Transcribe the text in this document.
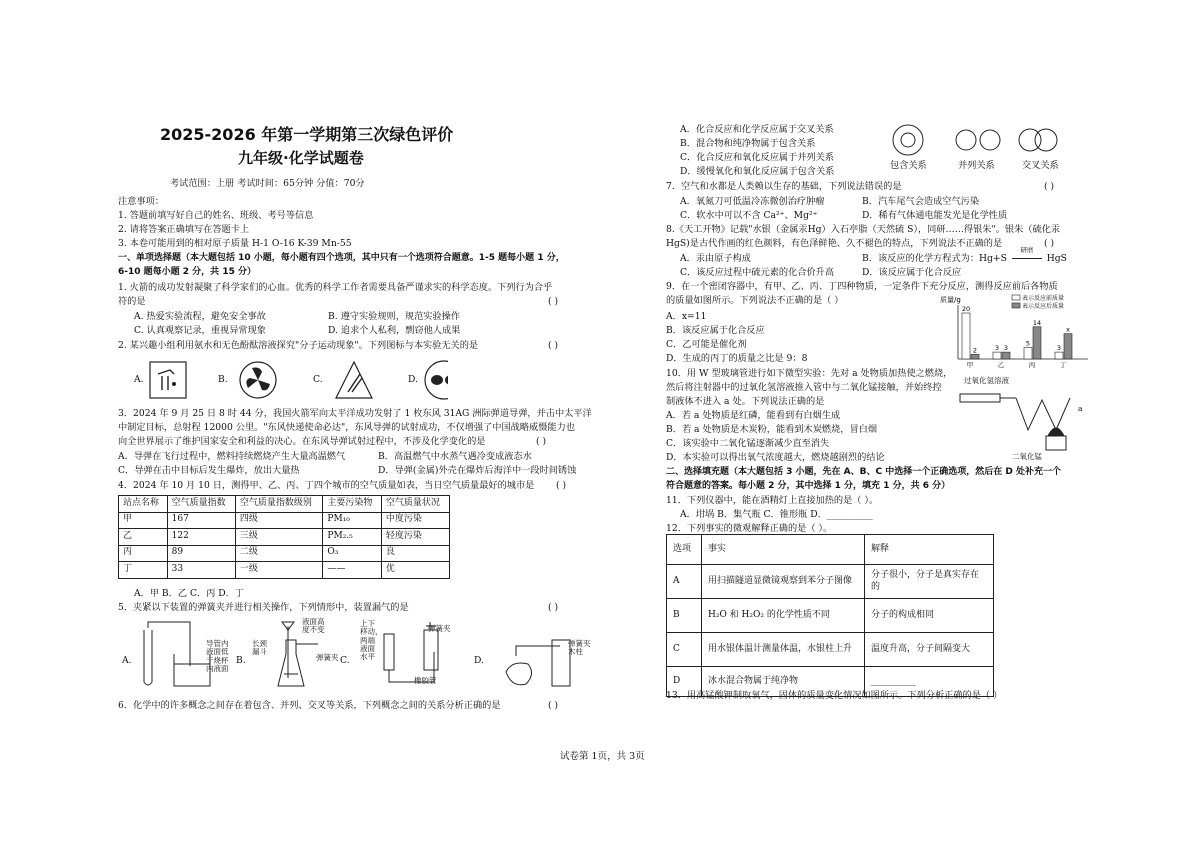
2025-2026 年第一学期第三次绿色评价
九年级·化学试题卷
考试范围：上册 考试时间：65分钟 分值：70分
注意事项：
1. 答题前填写好自己的姓名、班级、考号等信息
2. 请将答案正确填写在答题卡上
3. 本卷可能用到的相对原子质量 H-1 O-16 K-39 Mn-55
一、单项选择题（本大题包括 10 小题，每小题有四个选项，其中只有一个选项符合题意。1-5 题每小题 1 分，
6-10 题每小题 2 分，共 15 分）
1. 火箭的成功发射凝聚了科学家们的心血。优秀的科学工作者需要具备严谨求实的科学态度。下列行为合乎
符的是	( )
A. 热爱实验流程，避免安全事故	B. 遵守实验规则，规范实验操作
C. 认真观察记录，重视异常现象	D. 追求个人私利，剽窃他人成果
2. 某兴趣小组利用氨水和无色酚酞溶液探究"分子运动现象"。下列图标与本实验无关的是	( )
A.	B.	C.	D.
3．2024 年 9 月 25 日 8 时 44 分，我国火箭军向太平洋成功发射了 1 枚东风 31AG 洲际弹道导弹，并击中太平洋
中制定目标，总射程 12000 公里。"东风快递使命必达"，东风导弹的试射成功，不仅增强了中国战略威慑能力也
向全世界展示了维护国家安全和利益的决心。在东风导弹试射过程中，不涉及化学变化的是	( )
A．导弹在飞行过程中，燃料持续燃烧产生大量高温燃气	B．高温燃气中水蒸气遇冷变成液态水
C．导弹在击中目标后发生爆炸，放出大量热	D．导弹(金属)外壳在爆炸后海洋中一段时间锈蚀
4．2024 年 10 月 10 日，测得甲、乙、丙、丁四个城市的空气质量如表，当日空气质量最好的城市是 ( )
站点名称	空气质量指数	空气质量指数级别	主要污染物	空气质量状况
甲	167	四级	PM₁₀	中度污染
乙	122	三级	PM₂.₅	轻度污染
丙	89	二级	O₃	良
丁	33	一级	——	优
A．甲 B．乙 C．丙 D．丁
5．夹紧以下装置的弹簧夹并进行相关操作，下列情形中，装置漏气的是	( )
A.	B.	C.	D.
导管内
液面低
于烧杯
内液面
液面高
度不变
长颈
漏斗
弹簧夹
上下
移动，
两端
液面
水平
弹簧夹
橡胶管
弹簧夹
木柱
6．化学中的许多概念之间存在着包含、并列、交叉等关系，下列概念之间的关系分析正确的是	( )
A．化合反应和化学反应属于交叉关系
B．混合物和纯净物属于包含关系
C．化合反应和氧化反应属于并列关系
D．缓慢氧化和氧化反应属于包含关系
包含关系	并列关系	交叉关系
7．空气和水都是人类赖以生存的基础，下列说法错误的是	( )
A．氧氮刀可低温冷冻微创治疗肿瘤	B．汽车尾气会造成空气污染
C．软水中可以不含 Ca²⁺、Mg²⁺	D．稀有气体通电能发光是化学性质
8.《天工开物》记载"水银（金属汞Hg）入石亭脂（天然硫 S），同研……得银朱"。银朱（硫化汞
HgS)是古代作画的红色颜料，有色泽鲜艳、久不褪色的特点，下列说法不正确的是	( )
A．汞由原子构成	B．该反应的化学方程式为：Hg+S
研磨
HgS
C．该反应过程中硫元素的化合价升高	D．该反应属于化合反应
9．在一个密闭容器中，有甲、乙、丙、丁四种物质，一定条件下充分反应，测得反应前后各物质
的质量如图所示。下列说法不正确的是（ ）
A．x=11
B．该反应属于化合反应
C．乙可能是催化剂
D．生成的丙丁的质量之比是 9：8
质量/g	表示反应前质量
表示反应后质量
20
2
甲
3 3
乙
5
14
丙
3
x
丁
10．用 W 型玻璃管进行如下微型实验：先对 a 处物质加热使之燃烧，
然后将注射器中的过氧化氢溶液推入管中与二氧化锰接触，并始终控
制液体不进入 a 处。下列说法正确的是
A．若 a 处物质是红磷，能看到有白烟生成
B．若 a 处物质是木炭粉，能看到木炭燃烧，冒白烟
C．该实验中二氧化锰逐渐减少直至消失
D．本实验可以得出氧气浓度越大，燃烧越剧烈的结论
过氧化氢溶液
a
二氧化锰
二、选择填充题（本大题包括 3 小题，先在 A、B、C 中选择一个正确选项，然后在 D 处补充一个
符合题意的答案。每小题 2 分，其中选择 1 分，填充 1 分，共 6 分）
11．下列仪器中，能在酒精灯上直接加热的是（ ）。
A．坩埚 B．集气瓶 C．锥形瓶 D．__________
12．下列事实的微观解释正确的是（ ）。
选项	事实	解释
A	用扫描隧道显微镜观察到苯分子图像	分子很小，分子是真实存在的
B	H₂O 和 H₂O₂ 的化学性质不同	分子的构成相同
C	用水银体温计测量体温，水银柱上升	温度升高，分子间隔变大
D	冰水混合物属于纯净物	__________
13．用高锰酸钾制取氧气，固体的质量变化情况如图所示。下列分析正确的是（ ）
试卷第 1页，共 3页
